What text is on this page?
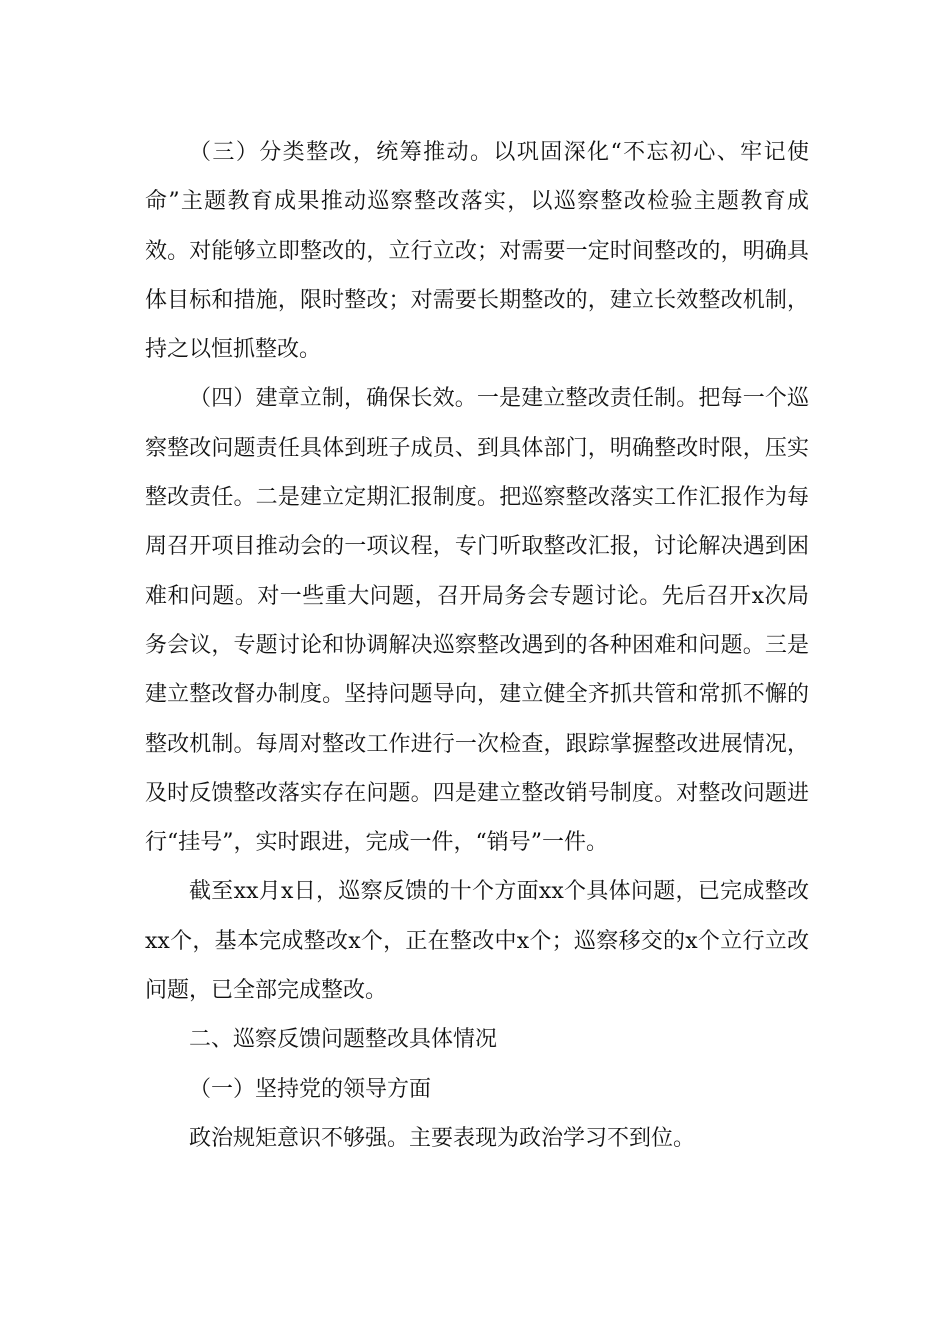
（三）分类整改，统筹推动。以巩固深化“不忘初心、牢记使命”主题教育成果推动巡察整改落实，以巡察整改检验主题教育成效。对能够立即整改的，立行立改；对需要一定时间整改的，明确具体目标和措施，限时整改；对需要长期整改的，建立长效整改机制，持之以恒抓整改。

（四）建章立制，确保长效。一是建立整改责任制。把每一个巡察整改问题责任具体到班子成员、到具体部门，明确整改时限，压实整改责任。二是建立定期汇报制度。把巡察整改落实工作汇报作为每周召开项目推动会的一项议程，专门听取整改汇报，讨论解决遇到困难和问题。对一些重大问题，召开局务会专题讨论。先后召开x次局务会议，专题讨论和协调解决巡察整改遇到的各种困难和问题。三是建立整改督办制度。坚持问题导向，建立健全齐抓共管和常抓不懈的整改机制。每周对整改工作进行一次检查，跟踪掌握整改进展情况，及时反馈整改落实存在问题。四是建立整改销号制度。对整改问题进行“挂号”，实时跟进，完成一件，“销号”一件。

截至xx月x日，巡察反馈的十个方面xx个具体问题，已完成整改xx个，基本完成整改x个，正在整改中x个；巡察移交的x个立行立改问题，已全部完成整改。

二、巡察反馈问题整改具体情况

（一）坚持党的领导方面

政治规矩意识不够强。主要表现为政治学习不到位。
